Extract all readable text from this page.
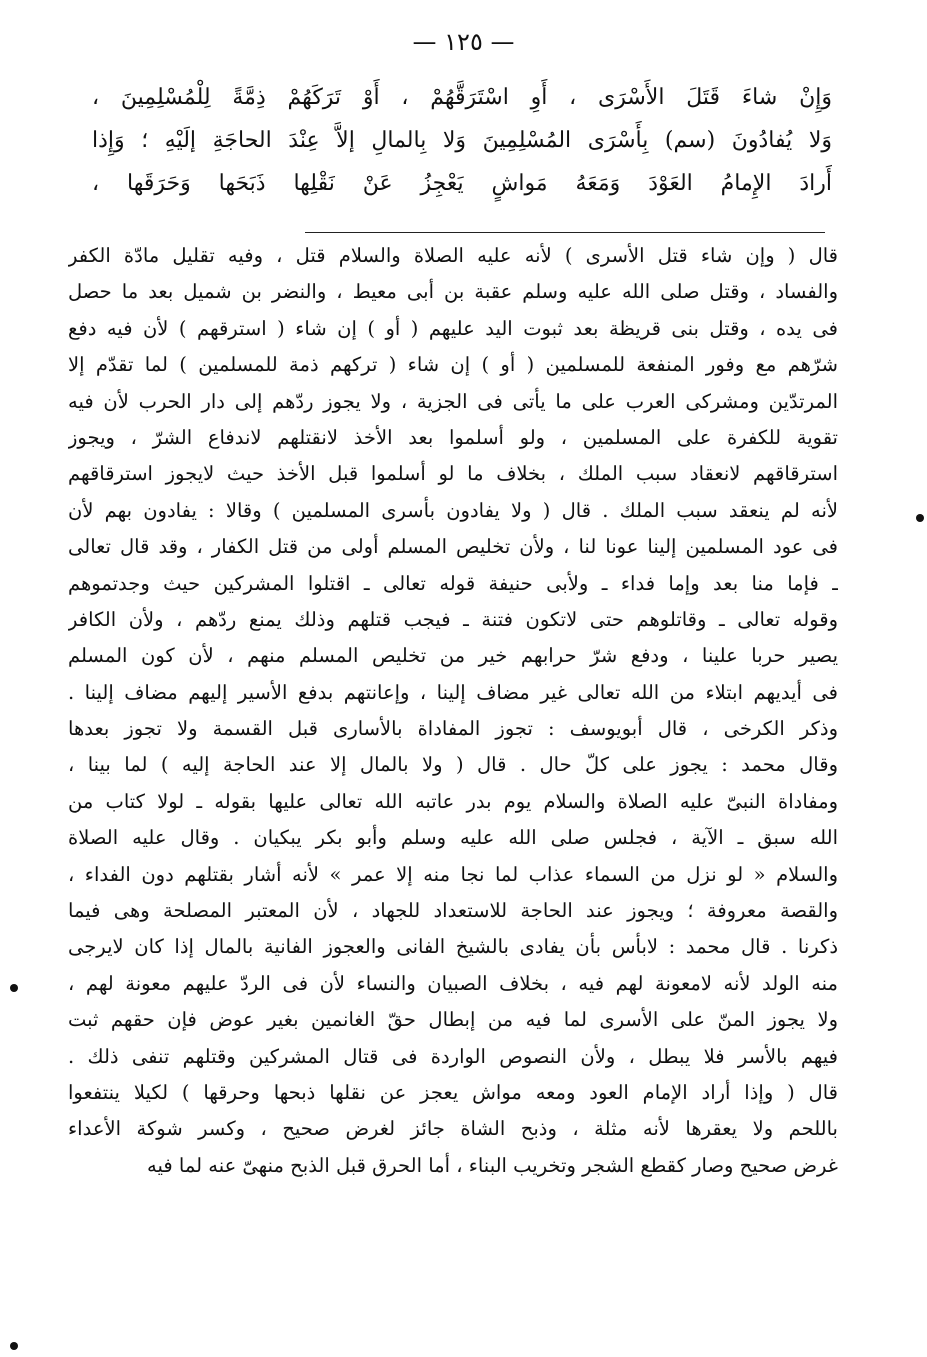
— ١٢٥ —
وَإِنْ شاءَ قَتَلَ الأَسْرَى ، أَوِ اسْتَرَقَّهُمْ ، أَوْ تَرَكَهُمْ ذِمَّةً لِلْمُسْلِمِينَ ،
وَلا يُفادُونَ (سم) بِأَسْرَى المُسْلِمِينَ وَلا بِالمالِ إلاَّ عِنْدَ الحاجَةِ إلَيْهِ ؛ وَإِذا
أَرادَ الإِمامُ العَوْدَ وَمَعَهُ مَواشٍ يَعْجِزُ عَنْ نَقْلِها ذَبَحَها وَحَرَقَها ،
قال ( وإن شاء قتل الأسرى ) لأنه عليه الصلاة والسلام قتل ، وفيه تقليل مادّة الكفر
والفساد ، وقتل صلى الله عليه وسلم عقبة بن أبى معيط ، والنضر بن شميل بعد ما حصل
فى يده ، وقتل بنى قريظة بعد ثبوت اليد عليهم ( أو ) إن شاء ( استرقهم ) لأن فيه دفع
شرّهم مع وفور المنفعة للمسلمين ( أو ) إن شاء ( تركهم ذمة للمسلمين ) لما تقدّم إلا
المرتدّين ومشركى العرب على ما يأتى فى الجزية ، ولا يجوز ردّهم إلى دار الحرب لأن فيه
تقوية للكفرة على المسلمين ، ولو أسلموا بعد الأخذ لانقتلهم لاندفاع الشرّ ، ويجوز
استرقاقهم لانعقاد سبب الملك ، بخلاف ما لو أسلموا قبل الأخذ حيث لايجوز استرقاقهم
لأنه لم ينعقد سبب الملك . قال ( ولا يفادون بأسرى المسلمين ) وقالا : يفادون بهم لأن
فى عود المسلمين إلينا عونا لنا ، ولأن تخليص المسلم أولى من قتل الكفار ، وقد قال تعالى
ـ فإما منا بعد وإما فداء ـ ولأبى حنيفة قوله تعالى ـ اقتلوا المشركين حيث وجدتموهم
وقوله تعالى ـ وقاتلوهم حتى لاتكون فتنة ـ فيجب قتلهم وذلك يمنع ردّهم ، ولأن الكافر
يصير حربا علينا ، ودفع شرّ حرابهم خير من تخليص المسلم منهم ، لأن كون المسلم
فى أيديهم ابتلاء من الله تعالى غير مضاف إلينا ، وإعانتهم بدفع الأسير إليهم مضاف إلينا .
وذكر الكرخى ، قال أبويوسف : تجوز المفاداة بالأسارى قبل القسمة ولا تجوز بعدها
وقال محمد : يجوز على كلّ حال . قال ( ولا بالمال إلا عند الحاجة إليه ) لما بينا ،
ومفاداة النبىّ عليه الصلاة والسلام يوم بدر عاتبه الله تعالى عليها بقوله ـ لولا كتاب من
الله سبق ـ الآية ، فجلس صلى الله عليه وسلم وأبو بكر يبكيان . وقال عليه الصلاة
والسلام « لو نزل من السماء عذاب لما نجا منه إلا عمر » لأنه أشار بقتلهم دون الفداء ،
والقصة معروفة ؛ ويجوز عند الحاجة للاستعداد للجهاد ، لأن المعتبر المصلحة وهى فيما
ذكرنا . قال محمد : لابأس بأن يفادى بالشيخ الفانى والعجوز الفانية بالمال إذا كان لايرجى
منه الولد لأنه لامعونة لهم فيه ، بخلاف الصبيان والنساء لأن فى الردّ عليهم معونة لهم ،
ولا يجوز المنّ على الأسرى لما فيه من إبطال حقّ الغانمين بغير عوض فإن حقهم ثبت
فيهم بالأسر فلا يبطل ، ولأن النصوص الواردة فى قتال المشركين وقتلهم تنفى ذلك .
قال ( وإذا أراد الإمام العود ومعه مواش يعجز عن نقلها ذبحها وحرقها ) لكيلا ينتفعوا
باللحم ولا يعقرها لأنه مثلة ، وذبح الشاة جائز لغرض صحيح ، وكسر شوكة الأعداء
غرض صحيح وصار كقطع الشجر وتخريب البناء ، أما الحرق قبل الذبح منهىّ عنه لما فيه
